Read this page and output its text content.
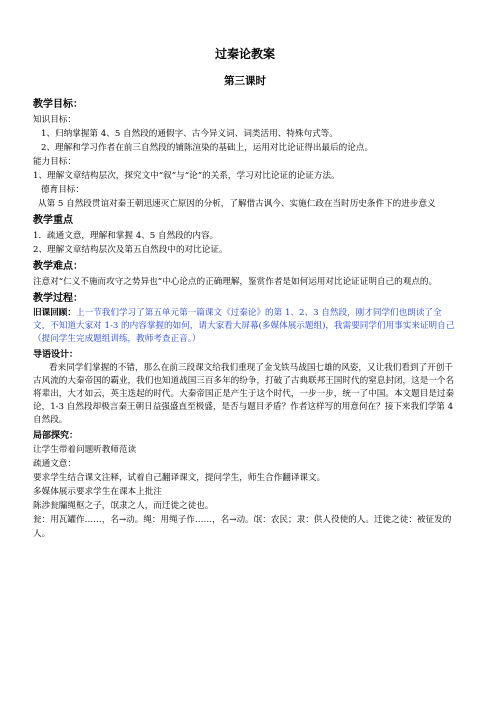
过秦论教案
第三课时
教学目标：
知识目标：
1、归纳掌握第 4、5 自然段的通假字、古今异义词、词类活用、特殊句式等。
2、理解和学习作者在前三自然段的铺陈渲染的基础上，运用对比论证得出最后的论点。
能力目标：
1、理解文章结构层次，探究文中“叙”与“论”的关系，学习对比论证的论证方法。
德育目标：
从第 5 自然段贯谊对秦王朝迅速灭亡原因的分析，了解借古讽今、实施仁政在当时历史条件下的进步意义
教学重点
1．疏通文意，理解和掌握 4、5 自然段的内容。
2、理解文章结构层次及第五自然段中的对比论证。
教学难点：
注意对“仁义不施而攻守之势异也”中心论点的正确理解，鉴赏作者是如何运用对比论证证明自己的观点的。
教学过程：
旧课回顾：上一节我们学习了第五单元第一篇课文《过秦论》的第 1、2、3 自然段，刚才同学们也朗读了全文，不知道大家对 1-3 的内容掌握的如何，请大家看大屏幕(多媒体展示题组)，我需要同学们用事实来证明自己（提问学生完成题组训练，教师考查正音。）
导语设计：
看来同学们掌握的不错，那么在前三段课文给我们重现了金戈铁马战国七雄的风姿，又让我们看到了开创千古风流的大秦帝国的霸业，我们也知道战国三百多年的纷争，打破了古典联邦王国时代的窒息封闭，这是一个名将辈出，大才如云，英主迭起的时代。大秦帝国正是产生于这个时代，一步一步，统一了中国。本文题目是过秦论，1-3 自然段却极言秦王朝日益强盛直至极盛，是否与题目矛盾？作者这样写的用意何在？接下来我们学第 4 自然段。
局部探究：
让学生带着问题听教师范读
疏通文意：
要求学生结合课文注释，试着自己翻译课文，提问学生，师生合作翻译课文。
多媒体展示要求学生在课本上批注
陈涉瓮牖绳枢之子，氓隶之人，而迁徙之徒也。
瓮：用瓦罐作……，名→动。绳：用绳子作……，名→动。氓：农民；隶：供人役使的人。迁徙之徒：被征发的人。
